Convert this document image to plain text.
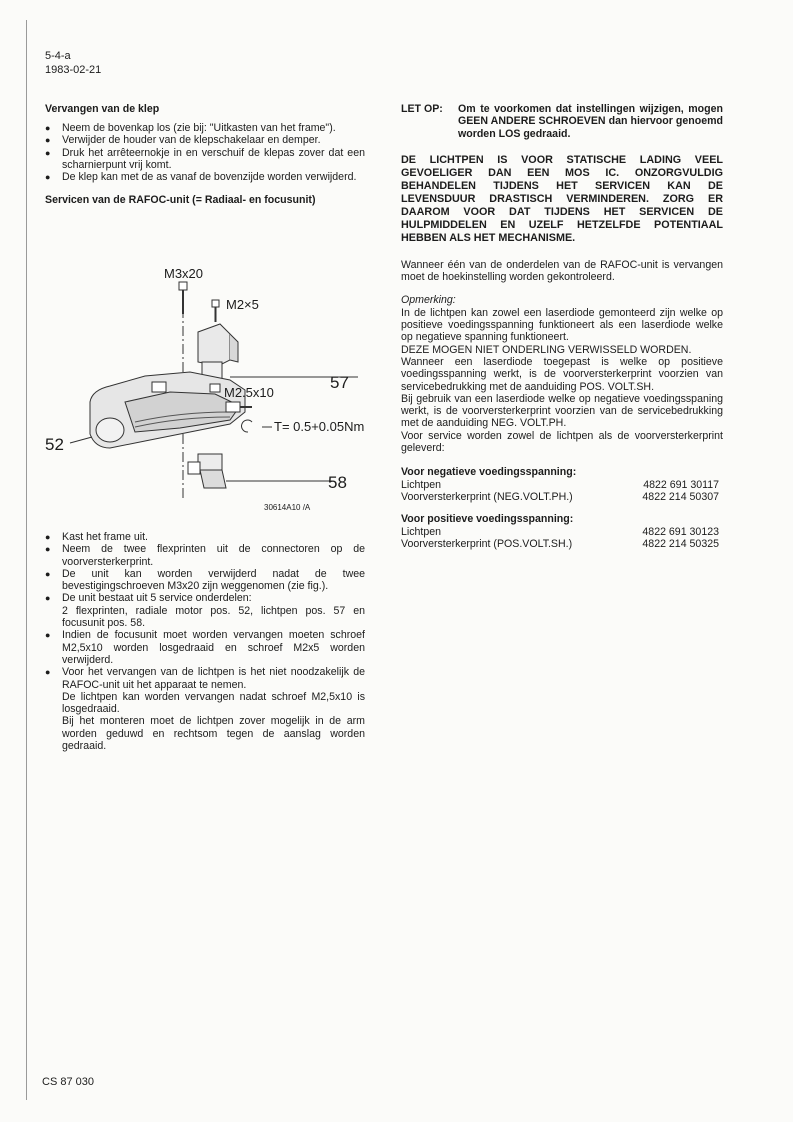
5-4-a
1983-02-21
Vervangen van de klep
● Neem de bovenkap los (zie bij: "Uitkasten van het frame").
● Verwijder de houder van de klepschakelaar en demper.
● Druk het arrêteernokje in en verschuif de klepas zover dat een scharnierpunt vrij komt.
● De klep kan met de as vanaf de bovenzijde worden verwijderd.
Servicen van de RAFOC-unit (= Radiaal- en focusunit)
M3x20
M2×5
57
M2.5x10
T= 0.5+0.05Nm
52
58
30614A10 /A
● Kast het frame uit.
● Neem de twee flexprinten uit de connectoren op de voorversterkerprint.
● De unit kan worden verwijderd nadat de twee bevestigingschroeven M3x20 zijn weggenomen (zie fig.).
● De unit bestaat uit 5 service onderdelen:
2 flexprinten, radiale motor pos. 52, lichtpen pos. 57 en focusunit pos. 58.
● Indien de focusunit moet worden vervangen moeten schroef M2,5x10 worden losgedraaid en schroef M2x5 worden verwijderd.
● Voor het vervangen van de lichtpen is het niet noodzakelijk de RAFOC-unit uit het apparaat te nemen.
De lichtpen kan worden vervangen nadat schroef M2,5x10 is losgedraaid.
Bij het monteren moet de lichtpen zover mogelijk in de arm worden geduwd en rechtsom tegen de aanslag worden gedraaid.
LET OP:	Om te voorkomen dat instellingen wijzigen, mogen GEEN ANDERE SCHROEVEN dan hiervoor genoemd worden LOS gedraaid.
DE LICHTPEN IS VOOR STATISCHE LADING VEEL GEVOELIGER DAN EEN MOS IC. ONZORGVULDIG BEHANDELEN TIJDENS HET SERVICEN KAN DE LEVENSDUUR DRASTISCH VERMINDEREN. ZORG ER DAAROM VOOR DAT TIJDENS HET SERVICEN DE HULPMIDDELEN EN UZELF HETZELFDE POTENTIAAL HEBBEN ALS HET MECHANISME.
Wanneer één van de onderdelen van de RAFOC-unit is vervangen moet de hoekinstelling worden gekontroleerd.
Opmerking:
In de lichtpen kan zowel een laserdiode gemonteerd zijn welke op positieve voedingsspanning funktioneert als een laserdiode welke op negatieve spanning funktioneert.
DEZE MOGEN NIET ONDERLING VERWISSELD WORDEN.
Wanneer een laserdiode toegepast is welke op positieve voedingsspanning werkt, is de voorversterkerprint voorzien van servicebedrukking met de aanduiding POS. VOLT.SH.
Bij gebruik van een laserdiode welke op negatieve voedingsspaning werkt, is de voorversterkerprint voorzien van de servicebedrukking met de aanduiding NEG. VOLT.PH.
Voor service worden zowel de lichtpen als de voorversterkerprint geleverd:
Voor negatieve voedingsspanning:
Lichtpen	4822 691 30117
Voorversterkerprint (NEG.VOLT.PH.)	4822 214 50307
Voor positieve voedingsspanning:
Lichtpen	4822 691 30123
Voorversterkerprint (POS.VOLT.SH.)	4822 214 50325
CS 87 030
